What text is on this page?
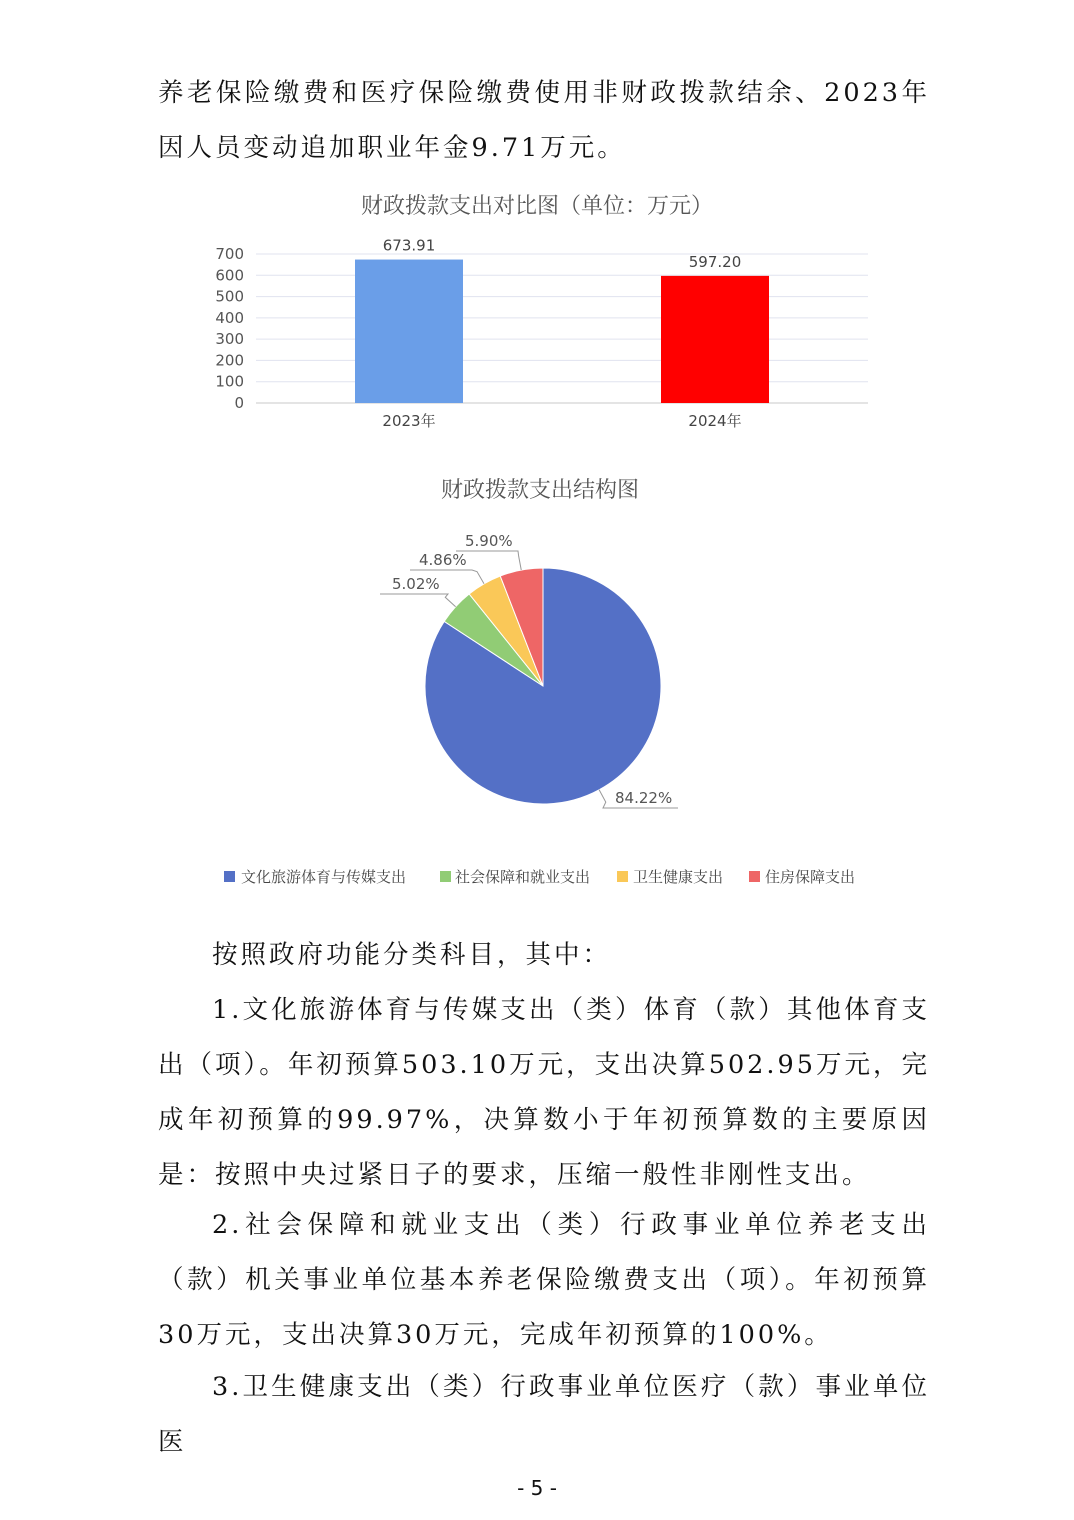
养老保险缴费和医疗保险缴费使用非财政拨款结余、2023年因人员变动追加职业年金9.71万元。

财政拨款支出对比图（单位：万元）
0
100
200
300
400
500
600
700	673.91
597.20
2023年	2024年
财政拨款支出结构图
84.22%
5.02%
4.86%
5.90%
文化旅游体育与传媒支出	社会保障和就业支出	卫生健康支出	住房保障支出

按照政府功能分类科目，其中：

1.文化旅游体育与传媒支出（类）体育（款）其他体育支出（项）。年初预算503.10万元，支出决算502.95万元，完成年初预算的99.97%，决算数小于年初预算数的主要原因是：按照中央过紧日子的要求，压缩一般性非刚性支出。

2.社会保障和就业支出（类）行政事业单位养老支出（款）机关事业单位基本养老保险缴费支出（项）。年初预算30万元，支出决算30万元，完成年初预算的100%。

3.卫生健康支出（类）行政事业单位医疗（款）事业单位医

- 5 -
